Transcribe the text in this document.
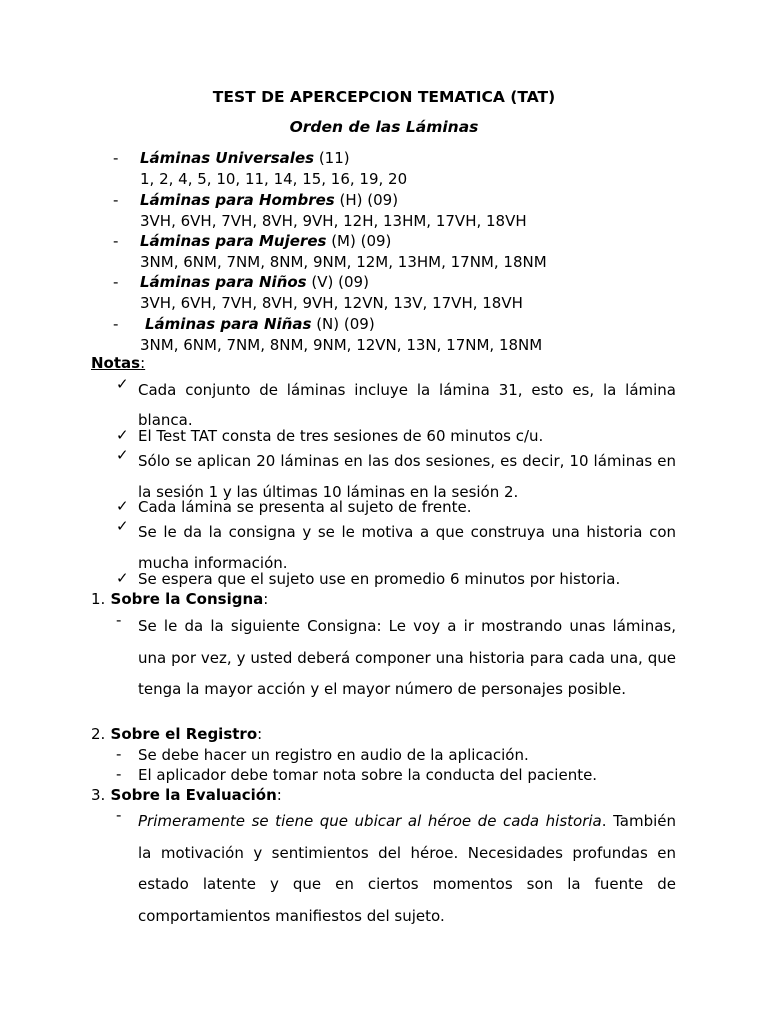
TEST DE APERCEPCION TEMATICA (TAT)
Orden de las Láminas
- Láminas Universales (11)
1, 2, 4, 5, 10, 11, 14, 15, 16, 19, 20
- Láminas para Hombres (H) (09)
3VH, 6VH, 7VH, 8VH, 9VH, 12H, 13HM, 17VH, 18VH
- Láminas para Mujeres (M) (09)
3NM, 6NM, 7NM, 8NM, 9NM, 12M, 13HM, 17NM, 18NM
- Láminas para Niños (V) (09)
3VH, 6VH, 7VH, 8VH, 9VH, 12VN, 13V, 17VH, 18VH
- Láminas para Niñas (N) (09)
3NM, 6NM, 7NM, 8NM, 9NM, 12VN, 13N, 17NM, 18NM
Notas:
✓ Cada conjunto de láminas incluye la lámina 31, esto es, la lámina blanca.
✓ El Test TAT consta de tres sesiones de 60 minutos c/u.
✓ Sólo se aplican 20 láminas en las dos sesiones, es decir, 10 láminas en la sesión 1 y las últimas 10 láminas en la sesión 2.
✓ Cada lámina se presenta al sujeto de frente.
✓ Se le da la consigna y se le motiva a que construya una historia con mucha información.
✓ Se espera que el sujeto use en promedio 6 minutos por historia.
1. Sobre la Consigna:
- Se le da la siguiente Consigna: Le voy a ir mostrando unas láminas, una por vez, y usted deberá componer una historia para cada una, que tenga la mayor acción y el mayor número de personajes posible.
2. Sobre el Registro:
- Se debe hacer un registro en audio de la aplicación.
- El aplicador debe tomar nota sobre la conducta del paciente.
3. Sobre la Evaluación:
- Primeramente se tiene que ubicar al héroe de cada historia. También la motivación y sentimientos del héroe. Necesidades profundas en estado latente y que en ciertos momentos son la fuente de comportamientos manifiestos del sujeto.
